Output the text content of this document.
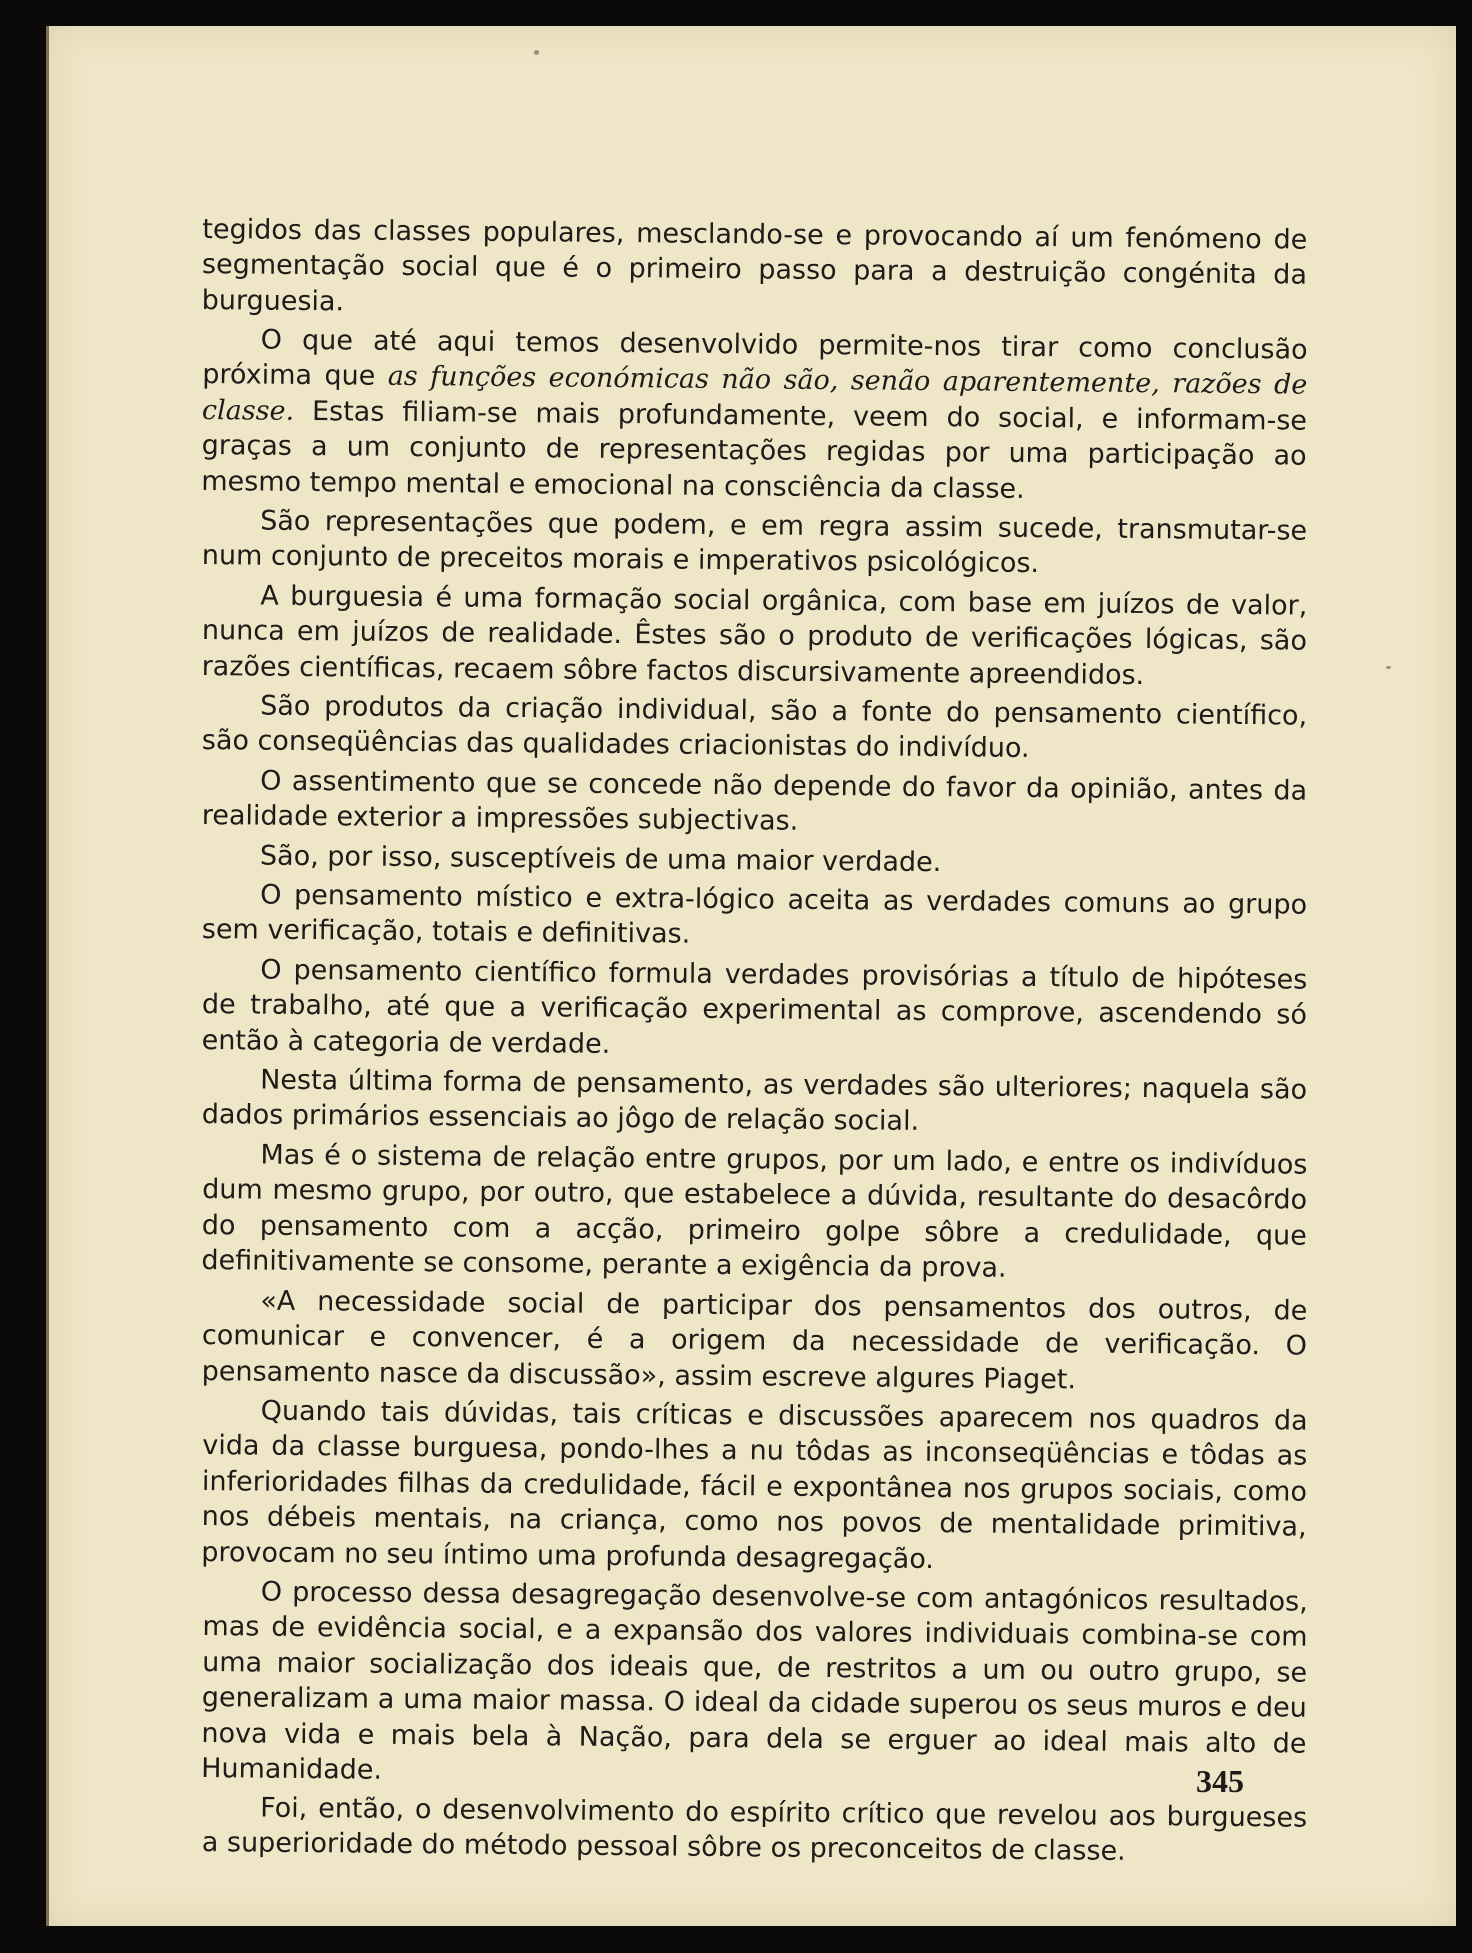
tegidos das classes populares, mesclando-se e provocando aí um fenómeno de segmentação social que é o primeiro passo para a destruição congénita da burguesia.

O que até aqui temos desenvolvido permite-nos tirar como conclusão próxima que as funções económicas não são, senão aparentemente, razões de classe. Estas filiam-se mais profundamente, veem do social, e informam-se graças a um conjunto de representações regidas por uma participação ao mesmo tempo mental e emocional na consciência da classe.

São representações que podem, e em regra assim sucede, transmutar-se num conjunto de preceitos morais e imperativos psicológicos.

A burguesia é uma formação social orgânica, com base em juízos de valor, nunca em juízos de realidade. Êstes são o produto de verificações lógicas, são razões científicas, recaem sôbre factos discursivamente apreendidos.

São produtos da criação individual, são a fonte do pensamento científico, são conseqüências das qualidades criacionistas do indivíduo.

O assentimento que se concede não depende do favor da opinião, antes da realidade exterior a impressões subjectivas.

São, por isso, susceptíveis de uma maior verdade.

O pensamento místico e extra-lógico aceita as verdades comuns ao grupo sem verificação, totais e definitivas.

O pensamento científico formula verdades provisórias a título de hipóteses de trabalho, até que a verificação experimental as comprove, ascendendo só então à categoria de verdade.

Nesta última forma de pensamento, as verdades são ulteriores; naquela são dados primários essenciais ao jôgo de relação social.

Mas é o sistema de relação entre grupos, por um lado, e entre os indivíduos dum mesmo grupo, por outro, que estabelece a dúvida, resultante do desacôrdo do pensamento com a acção, primeiro golpe sôbre a credulidade, que definitivamente se consome, perante a exigência da prova.

«A necessidade social de participar dos pensamentos dos outros, de comunicar e convencer, é a origem da necessidade de verificação. O pensamento nasce da discussão», assim escreve algures Piaget.

Quando tais dúvidas, tais críticas e discussões aparecem nos quadros da vida da classe burguesa, pondo-lhes a nu tôdas as inconseqüências e tôdas as inferioridades filhas da credulidade, fácil e expontânea nos grupos sociais, como nos débeis mentais, na criança, como nos povos de mentalidade primitiva, provocam no seu íntimo uma profunda desagregação.

O processo dessa desagregação desenvolve-se com antagónicos resultados, mas de evidência social, e a expansão dos valores individuais combina-se com uma maior socialização dos ideais que, de restritos a um ou outro grupo, se generalizam a uma maior massa. O ideal da cidade superou os seus muros e deu nova vida e mais bela à Nação, para dela se erguer ao ideal mais alto de Humanidade.

Foi, então, o desenvolvimento do espírito crítico que revelou aos burgueses a superioridade do método pessoal sôbre os preconceitos de classe.

345
